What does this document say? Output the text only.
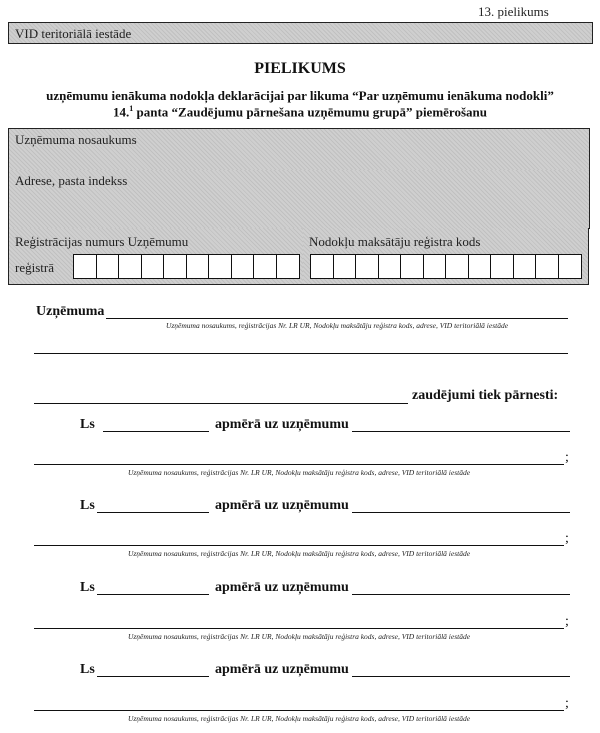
13. pielikums
VID teritoriālā iestāde
PIELIKUMS
uzņēmumu ienākuma nodokļa deklarācijai par likuma “Par uzņēmumu ienākuma nodokli”
14.$^1$ panta “Zaudējumu pārnešana uzņēmumu grupā” piemērošanu
Uzņēmuma nosaukums
Adrese, pasta indekss
Reģistrācijas numurs Uzņēmumu
reģistrā
Nodokļu maksātāju reģistra kods
Uzņēmuma
Uzņēmuma nosaukums, reģistrācijas Nr. LR UR, Nodokļu maksātāju reģistra kods, adrese, VID teritoriālā iestāde
zaudējumi tiek pārnesti:
Ls	apmērā uz uzņēmumu
;
Uzņēmuma nosaukums, reģistrācijas Nr. LR UR, Nodokļu maksātāju reģistra kods, adrese, VID teritoriālā iestāde
Ls	apmērā uz uzņēmumu
;
Uzņēmuma nosaukums, reģistrācijas Nr. LR UR, Nodokļu maksātāju reģistra kods, adrese, VID teritoriālā iestāde
Ls	apmērā uz uzņēmumu
;
Uzņēmuma nosaukums, reģistrācijas Nr. LR UR, Nodokļu maksātāju reģistra kods, adrese, VID teritoriālā iestāde
Ls	apmērā uz uzņēmumu
;
Uzņēmuma nosaukums, reģistrācijas Nr. LR UR, Nodokļu maksātāju reģistra kods, adrese, VID teritoriālā iestāde
